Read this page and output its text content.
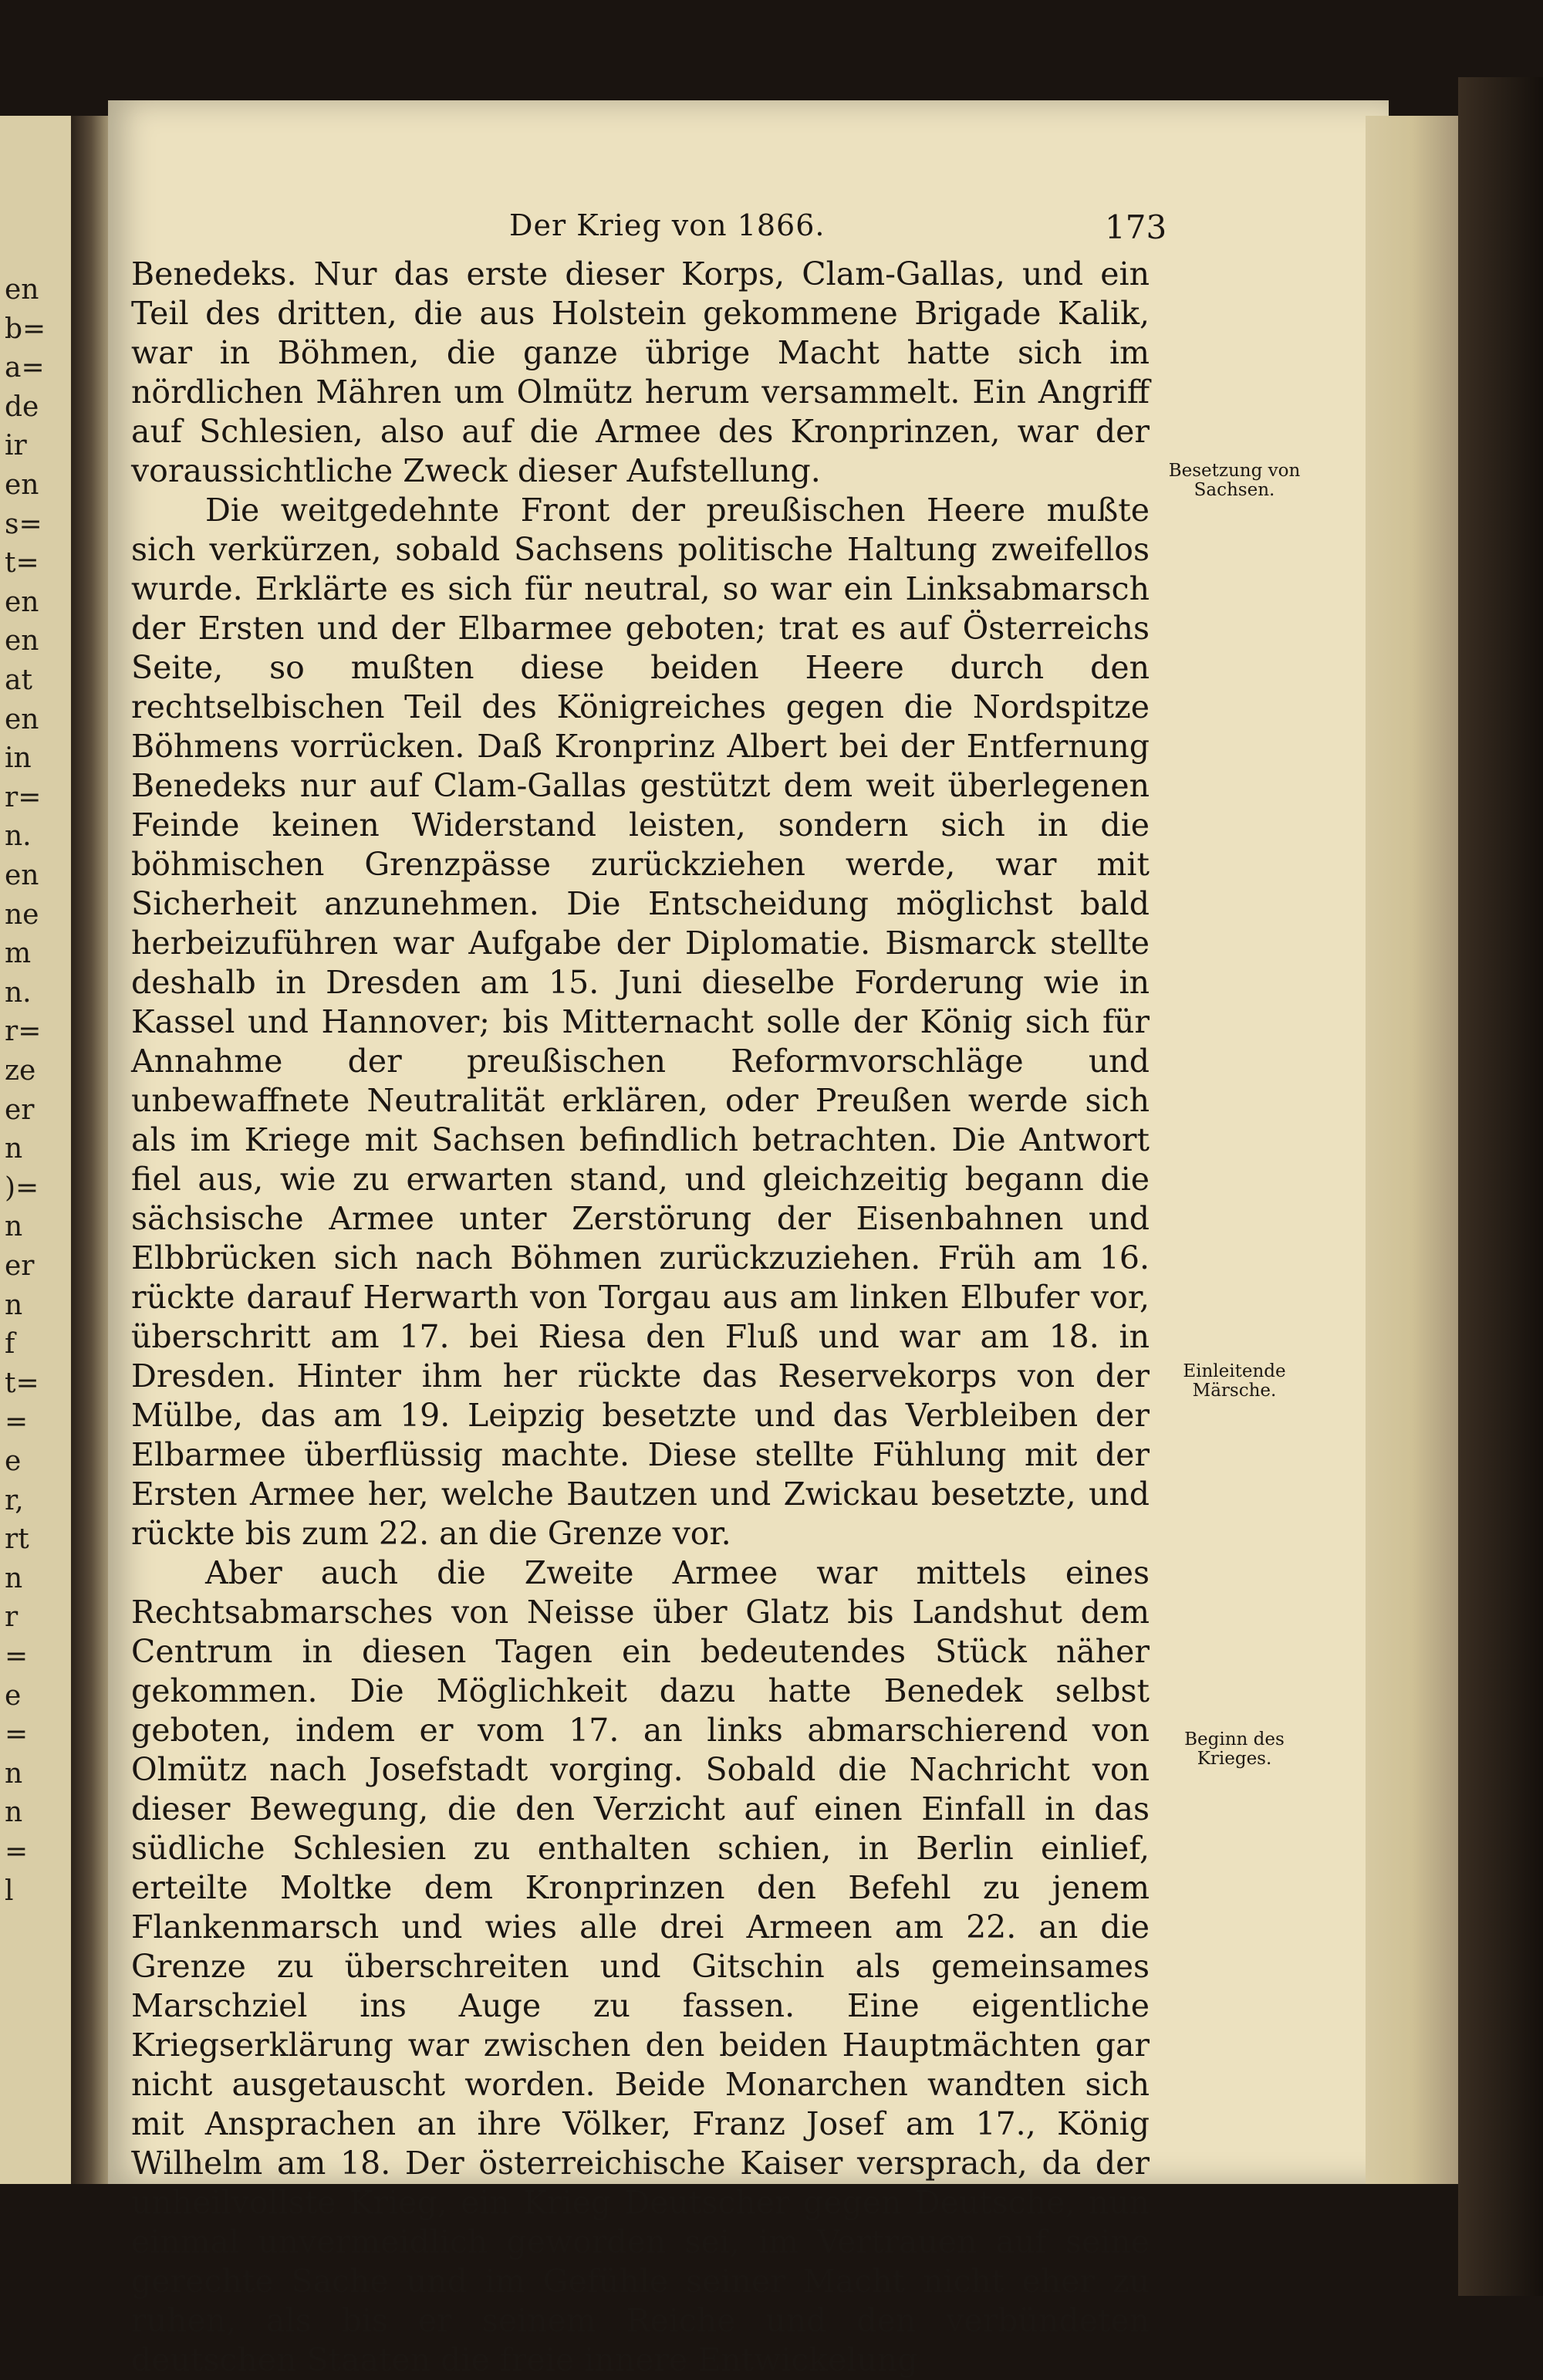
en
b=
a=
de
ir
en
s=
t=
en
en
at
en
in
r=
n.
en
ne
m
n.
r=
ze
er
n
)=
n
er
n
f
t=
=
e
r,
rt
n
r
=
e
=
n
n
=
l
Der Krieg von 1866.	173

Benedeks. Nur das erste dieser Korps, Clam-Gallas, und ein Teil des dritten, die aus Holstein gekommene Brigade Kalik, war in Böhmen, die ganze übrige Macht hatte sich im nördlichen Mähren um Olmütz herum versammelt. Ein Angriff auf Schlesien, also auf die Armee des Kronprinzen, war der voraussichtliche Zweck dieser Aufstellung.

Die weitgedehnte Front der preußischen Heere mußte sich verkürzen, sobald Sachsens politische Haltung zweifellos wurde. Erklärte es sich für neutral, so war ein Linksabmarsch der Ersten und der Elbarmee geboten; trat es auf Österreichs Seite, so mußten diese beiden Heere durch den rechtselbischen Teil des Königreiches gegen die Nordspitze Böhmens vorrücken. Daß Kronprinz Albert bei der Entfernung Benedeks nur auf Clam-Gallas gestützt dem weit überlegenen Feinde keinen Widerstand leisten, sondern sich in die böhmischen Grenzpässe zurückziehen werde, war mit Sicherheit anzunehmen. Die Entscheidung möglichst bald herbeizuführen war Aufgabe der Diplomatie. Bismarck stellte deshalb in Dresden am 15. Juni dieselbe Forderung wie in Kassel und Hannover; bis Mitternacht solle der König sich für Annahme der preußischen Reformvorschläge und unbewaffnete Neutralität erklären, oder Preußen werde sich als im Kriege mit Sachsen befindlich betrachten. Die Antwort fiel aus, wie zu erwarten stand, und gleichzeitig begann die sächsische Armee unter Zerstörung der Eisenbahnen und Elbbrücken sich nach Böhmen zurückzuziehen. Früh am 16. rückte darauf Herwarth von Torgau aus am linken Elbufer vor, überschritt am 17. bei Riesa den Fluß und war am 18. in Dresden. Hinter ihm her rückte das Reservekorps von der Mülbe, das am 19. Leipzig besetzte und das Verbleiben der Elbarmee überflüssig machte. Diese stellte Fühlung mit der Ersten Armee her, welche Bautzen und Zwickau besetzte, und rückte bis zum 22. an die Grenze vor.

Aber auch die Zweite Armee war mittels eines Rechtsabmarsches von Neisse über Glatz bis Landshut dem Centrum in diesen Tagen ein bedeutendes Stück näher gekommen. Die Möglichkeit dazu hatte Benedek selbst geboten, indem er vom 17. an links abmarschierend von Olmütz nach Josefstadt vorging. Sobald die Nachricht von dieser Bewegung, die den Verzicht auf einen Einfall in das südliche Schlesien zu enthalten schien, in Berlin einlief, erteilte Moltke dem Kronprinzen den Befehl zu jenem Flankenmarsch und wies alle drei Armeen am 22. an die Grenze zu überschreiten und Gitschin als gemeinsames Marschziel ins Auge zu fassen. Eine eigentliche Kriegserklärung war zwischen den beiden Hauptmächten gar nicht ausgetauscht worden. Beide Monarchen wandten sich mit Ansprachen an ihre Völker, Franz Josef am 17., König Wilhelm am 18. Der österreichische Kaiser versprach, da der unheilvollste Krieg, ein Krieg Deutscher gegen Deutsche, nun einmal unvermeidlich geworden sei, im Vertrauen auf seine gerechte Sache und im Gefühle seiner Macht nicht eher zu ruhen, als bis er seinem Reiche und den verbündeten deutschen Staaten die freie innere Entwickelung

Besetzung von Sachsen.
Einleitende Märsche.
Beginn des Krieges.
